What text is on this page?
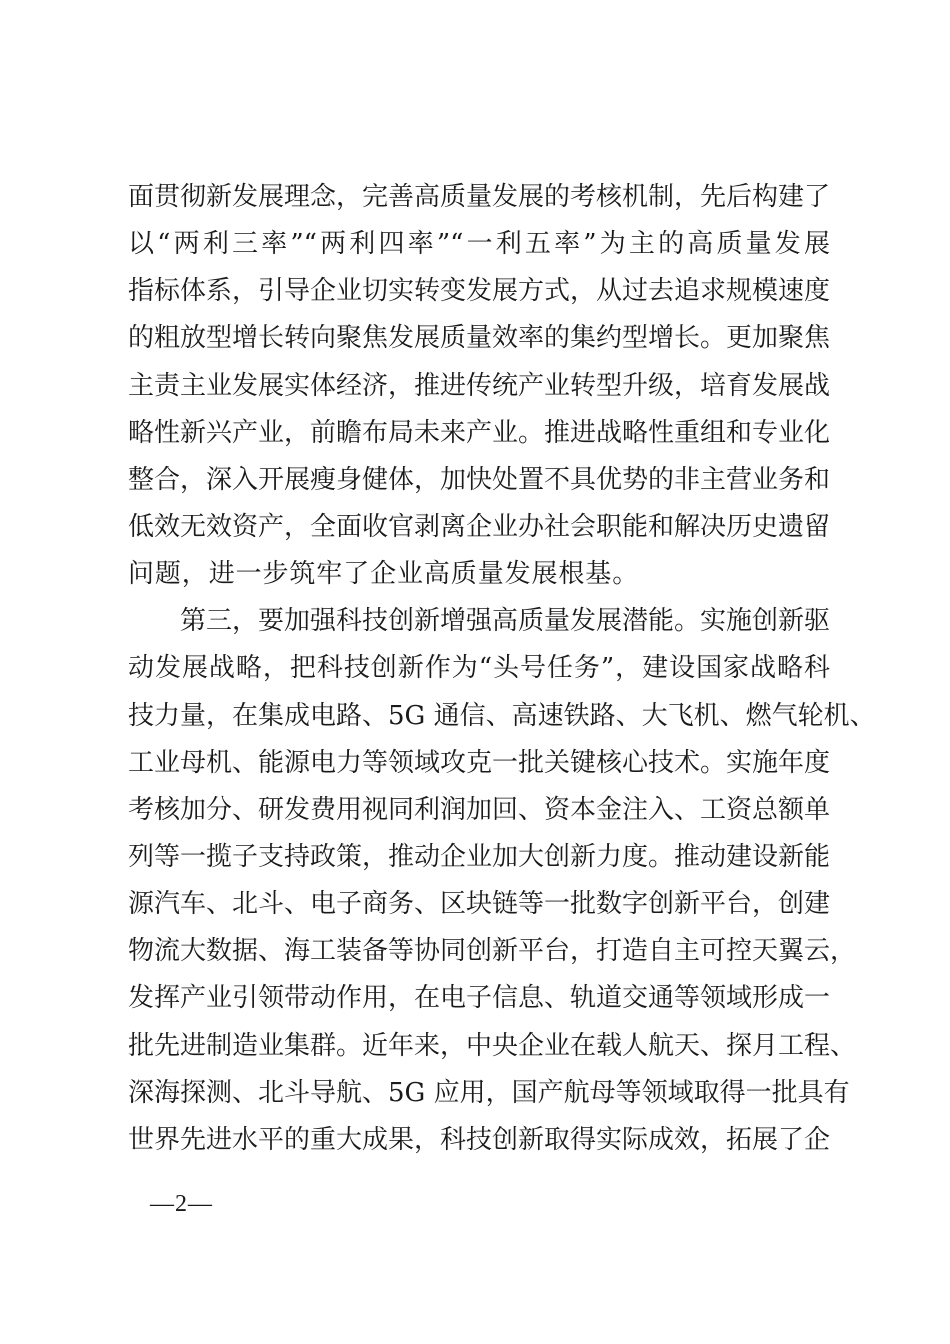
面贯彻新发展理念，完善高质量发展的考核机制，先后构建了
以“两利三率”“两利四率”“一利五率”为主的高质量发展
指标体系，引导企业切实转变发展方式，从过去追求规模速度
的粗放型增长转向聚焦发展质量效率的集约型增长。更加聚焦
主责主业发展实体经济，推进传统产业转型升级，培育发展战
略性新兴产业，前瞻布局未来产业。推进战略性重组和专业化
整合，深入开展瘦身健体，加快处置不具优势的非主营业务和
低效无效资产，全面收官剥离企业办社会职能和解决历史遗留
问题，进一步筑牢了企业高质量发展根基。
　　第三，要加强科技创新增强高质量发展潜能。实施创新驱
动发展战略，把科技创新作为“头号任务”，建设国家战略科
技力量，在集成电路、5G 通信、高速铁路、大飞机、燃气轮机、
工业母机、能源电力等领域攻克一批关键核心技术。实施年度
考核加分、研发费用视同利润加回、资本金注入、工资总额单
列等一揽子支持政策，推动企业加大创新力度。推动建设新能
源汽车、北斗、电子商务、区块链等一批数字创新平台，创建
物流大数据、海工装备等协同创新平台，打造自主可控天翼云，
发挥产业引领带动作用，在电子信息、轨道交通等领域形成一
批先进制造业集群。近年来，中央企业在载人航天、探月工程、
深海探测、北斗导航、5G 应用，国产航母等领域取得一批具有
世界先进水平的重大成果，科技创新取得实际成效，拓展了企
—2—
